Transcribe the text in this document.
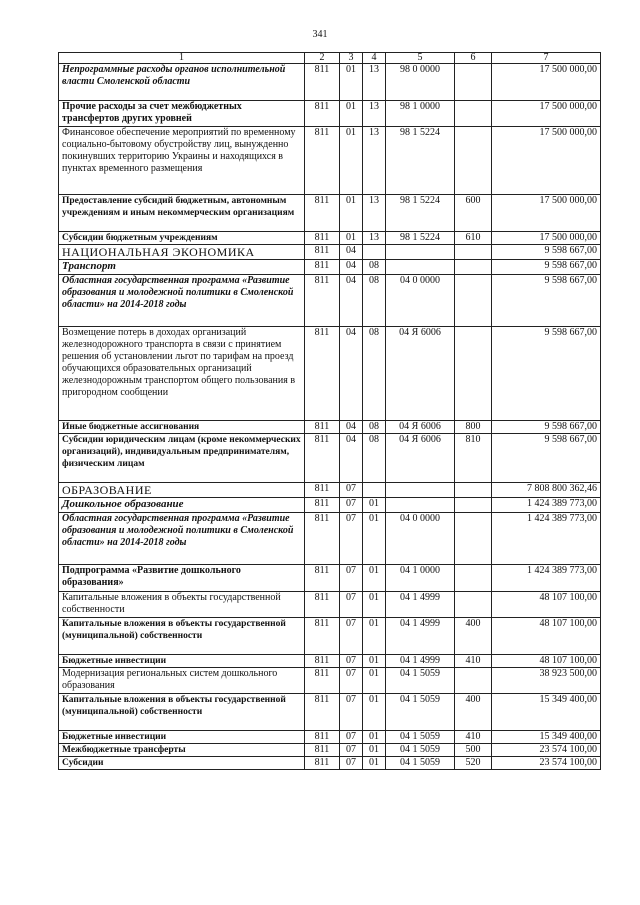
341
1	2	3	4	5	6	7
Непрограммные расходы органов исполнительной власти Смоленской области	811	01	13	98 0 0000		17 500 000,00
Прочие расходы за счет межбюджетных трансфертов других уровней	811	01	13	98 1 0000		17 500 000,00
Финансовое обеспечение мероприятий по временному социально-бытовому обустройству лиц, вынужденно покинувших территорию Украины и находящихся в пунктах временного размещения	811	01	13	98 1 5224		17 500 000,00
Предоставление субсидий бюджетным, автономным учреждениям и иным некоммерческим организациям	811	01	13	98 1 5224	600	17 500 000,00
Субсидии бюджетным учреждениям	811	01	13	98 1 5224	610	17 500 000,00
НАЦИОНАЛЬНАЯ ЭКОНОМИКА	811	04				9 598 667,00
Транспорт	811	04	08			9 598 667,00
Областная государственная программа «Развитие образования и молодежной политики в Смоленской области» на 2014-2018 годы	811	04	08	04 0 0000		9 598 667,00
Возмещение потерь в доходах организаций железнодорожного транспорта в связи с принятием решения об установлении льгот по тарифам на проезд обучающихся образовательных организаций железнодорожным транспортом общего пользования в пригородном сообщении	811	04	08	04 Я 6006		9 598 667,00
Иные бюджетные ассигнования	811	04	08	04 Я 6006	800	9 598 667,00
Субсидии юридическим лицам (кроме некоммерческих организаций), индивидуальным предпринимателям, физическим лицам	811	04	08	04 Я 6006	810	9 598 667,00
ОБРАЗОВАНИЕ	811	07				7 808 800 362,46
Дошкольное образование	811	07	01			1 424 389 773,00
Областная государственная программа «Развитие образования и молодежной политики в Смоленской области» на 2014-2018 годы	811	07	01	04 0 0000		1 424 389 773,00
Подпрограмма «Развитие дошкольного образования»	811	07	01	04 1 0000		1 424 389 773,00
Капитальные вложения в объекты государственной собственности	811	07	01	04 1 4999		48 107 100,00
Капитальные вложения в объекты государственной (муниципальной) собственности	811	07	01	04 1 4999	400	48 107 100,00
Бюджетные инвестиции	811	07	01	04 1 4999	410	48 107 100,00
Модернизация региональных систем дошкольного образования	811	07	01	04 1 5059		38 923 500,00
Капитальные вложения в объекты государственной (муниципальной) собственности	811	07	01	04 1 5059	400	15 349 400,00
Бюджетные инвестиции	811	07	01	04 1 5059	410	15 349 400,00
Межбюджетные трансферты	811	07	01	04 1 5059	500	23 574 100,00
Субсидии	811	07	01	04 1 5059	520	23 574 100,00
